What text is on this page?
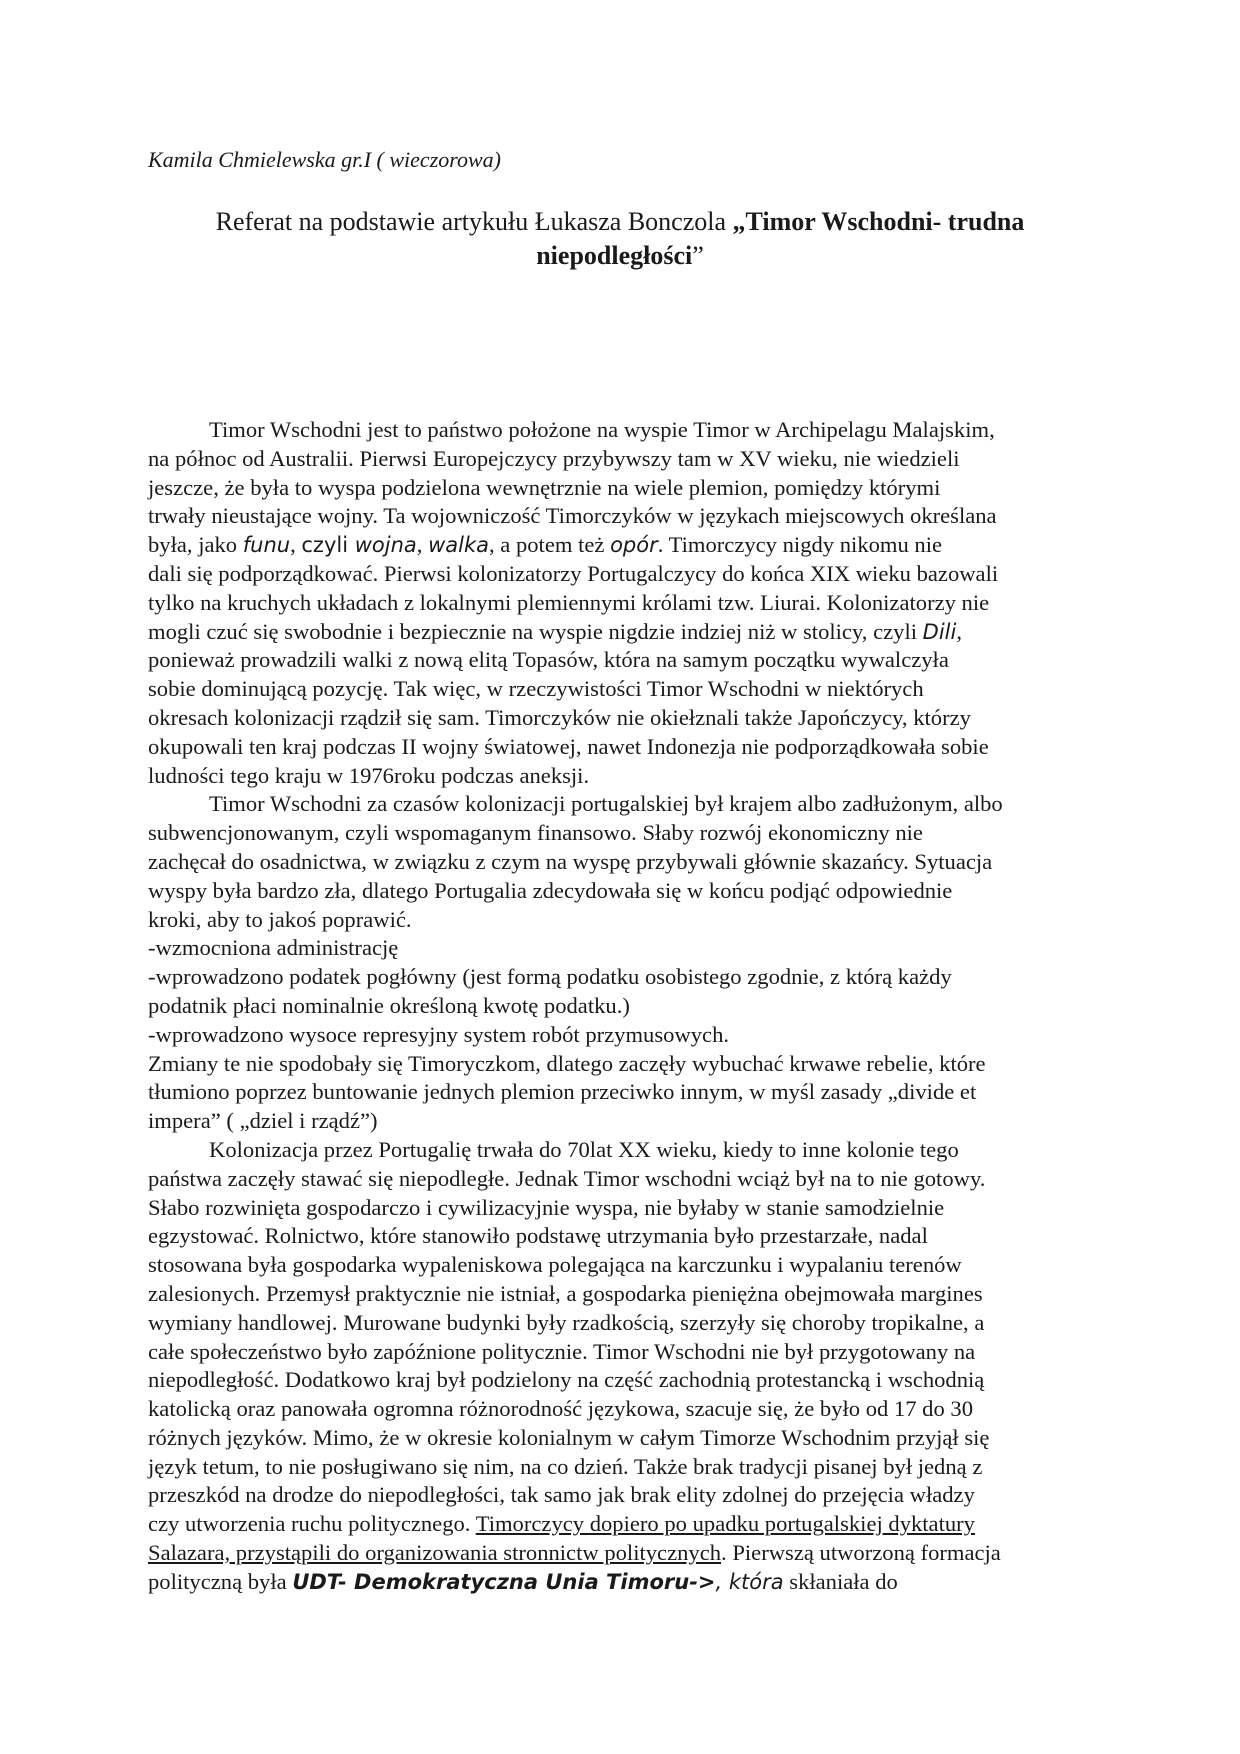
Kamila Chmielewska gr.I ( wieczorowa)
Referat na podstawie artykułu Łukasza Bonczola „Timor Wschodni- trudna
niepodległości”
Timor Wschodni jest to państwo położone na wyspie Timor w Archipelagu Malajskim,
na północ od Australii. Pierwsi Europejczycy przybywszy tam w XV wieku, nie wiedzieli
jeszcze, że była to wyspa podzielona wewnętrznie na wiele plemion, pomiędzy którymi
trwały nieustające wojny. Ta wojowniczość Timorczyków w językach miejscowych określana
była, jako funu, czyli wojna, walka, a potem też opór. Timorczycy nigdy nikomu nie
dali się podporządkować. Pierwsi kolonizatorzy Portugalczycy do końca XIX wieku bazowali
tylko na kruchych układach z lokalnymi plemiennymi królami tzw. Liurai. Kolonizatorzy nie
mogli czuć się swobodnie i bezpiecznie na wyspie nigdzie indziej niż w stolicy, czyli Dili,
ponieważ prowadzili walki z nową elitą Topasów, która na samym początku wywalczyła
sobie dominującą pozycję. Tak więc, w rzeczywistości Timor Wschodni w niektórych
okresach kolonizacji rządził się sam. Timorczyków nie okiełznali także Japończycy, którzy
okupowali ten kraj podczas II wojny światowej, nawet Indonezja nie podporządkowała sobie
ludności tego kraju w 1976roku podczas aneksji.
Timor Wschodni za czasów kolonizacji portugalskiej był krajem albo zadłużonym, albo
subwencjonowanym, czyli wspomaganym finansowo. Słaby rozwój ekonomiczny nie
zachęcał do osadnictwa, w związku z czym na wyspę przybywali głównie skazańcy. Sytuacja
wyspy była bardzo zła, dlatego Portugalia zdecydowała się w końcu podjąć odpowiednie
kroki, aby to jakoś poprawić.
-wzmocniona administrację
-wprowadzono podatek pogłówny (jest formą podatku osobistego zgodnie, z którą każdy
podatnik płaci nominalnie określoną kwotę podatku.)
-wprowadzono wysoce represyjny system robót przymusowych.
Zmiany te nie spodobały się Timoryczkom, dlatego zaczęły wybuchać krwawe rebelie, które
tłumiono poprzez buntowanie jednych plemion przeciwko innym, w myśl zasady „divide et
impera” ( „dziel i rządź”)
Kolonizacja przez Portugalię trwała do 70lat XX wieku, kiedy to inne kolonie tego
państwa zaczęły stawać się niepodległe. Jednak Timor wschodni wciąż był na to nie gotowy.
Słabo rozwinięta gospodarczo i cywilizacyjnie wyspa, nie byłaby w stanie samodzielnie
egzystować. Rolnictwo, które stanowiło podstawę utrzymania było przestarzałe, nadal
stosowana była gospodarka wypaleniskowa polegająca na karczunku i wypalaniu terenów
zalesionych. Przemysł praktycznie nie istniał, a gospodarka pieniężna obejmowała margines
wymiany handlowej. Murowane budynki były rzadkością, szerzyły się choroby tropikalne, a
całe społeczeństwo było zapóźnione politycznie. Timor Wschodni nie był przygotowany na
niepodległość. Dodatkowo kraj był podzielony na część zachodnią protestancką i wschodnią
katolicką oraz panowała ogromna różnorodność językowa, szacuje się, że było od 17 do 30
różnych języków. Mimo, że w okresie kolonialnym w całym Timorze Wschodnim przyjął się
język tetum, to nie posługiwano się nim, na co dzień. Także brak tradycji pisanej był jedną z
przeszkód na drodze do niepodległości, tak samo jak brak elity zdolnej do przejęcia władzy
czy utworzenia ruchu politycznego. Timorczycy dopiero po upadku portugalskiej dyktatury
Salazara, przystąpili do organizowania stronnictw politycznych. Pierwszą utworzoną formacja
polityczną była UDT- Demokratyczna Unia Timoru->, która skłaniała do
